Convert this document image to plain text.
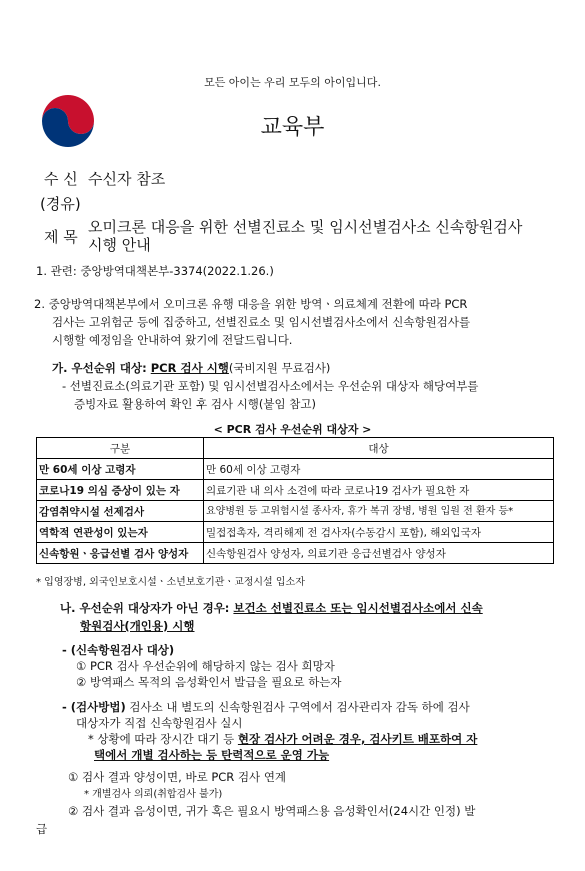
모든 아이는 우리 모두의 아이입니다.
교육부
수 신 수신자 참조
(경유)
제 목
오미크론 대응을 위한 선별진료소 및 임시선별검사소 신속항원검사
시행 안내
1. 관련: 중앙방역대책본부-3374(2022.1.26.)
2. 중앙방역대책본부에서 오미크론 유행 대응을 위한 방역ㆍ의료체계 전환에 따라 PCR
검사는 고위험군 등에 집중하고, 선별진료소 및 임시선별검사소에서 신속항원검사를
시행할 예정임을 안내하여 왔기에 전달드립니다.
가. 우선순위 대상: PCR 검사 시행(국비지원 무료검사)
- 선별진료소(의료기관 포함) 및 임시선별검사소에서는 우선순위 대상자 해당여부를
증빙자료 활용하여 확인 후 검사 시행(붙임 참고)
< PCR 검사 우선순위 대상자 >
구분	대상
만 60세 이상 고령자	만 60세 이상 고령자
코로나19 의심 증상이 있는 자	의료기관 내 의사 소견에 따라 코로나19 검사가 필요한 자
감염취약시설 선제검사	요양병원 등 고위험시설 종사자, 휴가 복귀 장병, 병원 입원 전 환자 등*
역학적 연관성이 있는자	밀접접촉자, 격리해제 전 검사자(수동감시 포함), 해외입국자
신속항원ㆍ응급선별 검사 양성자	신속항원검사 양성자, 의료기관 응급선별검사 양성자
* 입영장병, 외국인보호시설ㆍ소년보호기관ㆍ교정시설 입소자
나. 우선순위 대상자가 아닌 경우: 보건소 선별진료소 또는 임시선별검사소에서 신속
항원검사(개인용) 시행
- (신속항원검사 대상)
① PCR 검사 우선순위에 해당하지 않는 검사 희망자
② 방역패스 목적의 음성확인서 발급을 필요로 하는자
- (검사방법) 검사소 내 별도의 신속항원검사 구역에서 검사관리자 감독 하에 검사
대상자가 직접 신속항원검사 실시
* 상황에 따라 장시간 대기 등 현장 검사가 어려운 경우, 검사키트 배포하여 자
택에서 개별 검사하는 등 탄력적으로 운영 가능
① 검사 결과 양성이면, 바로 PCR 검사 연계
* 개별검사 의뢰(취합검사 불가)
② 검사 결과 음성이면, 귀가 혹은 필요시 방역패스용 음성확인서(24시간 인정) 발
급
